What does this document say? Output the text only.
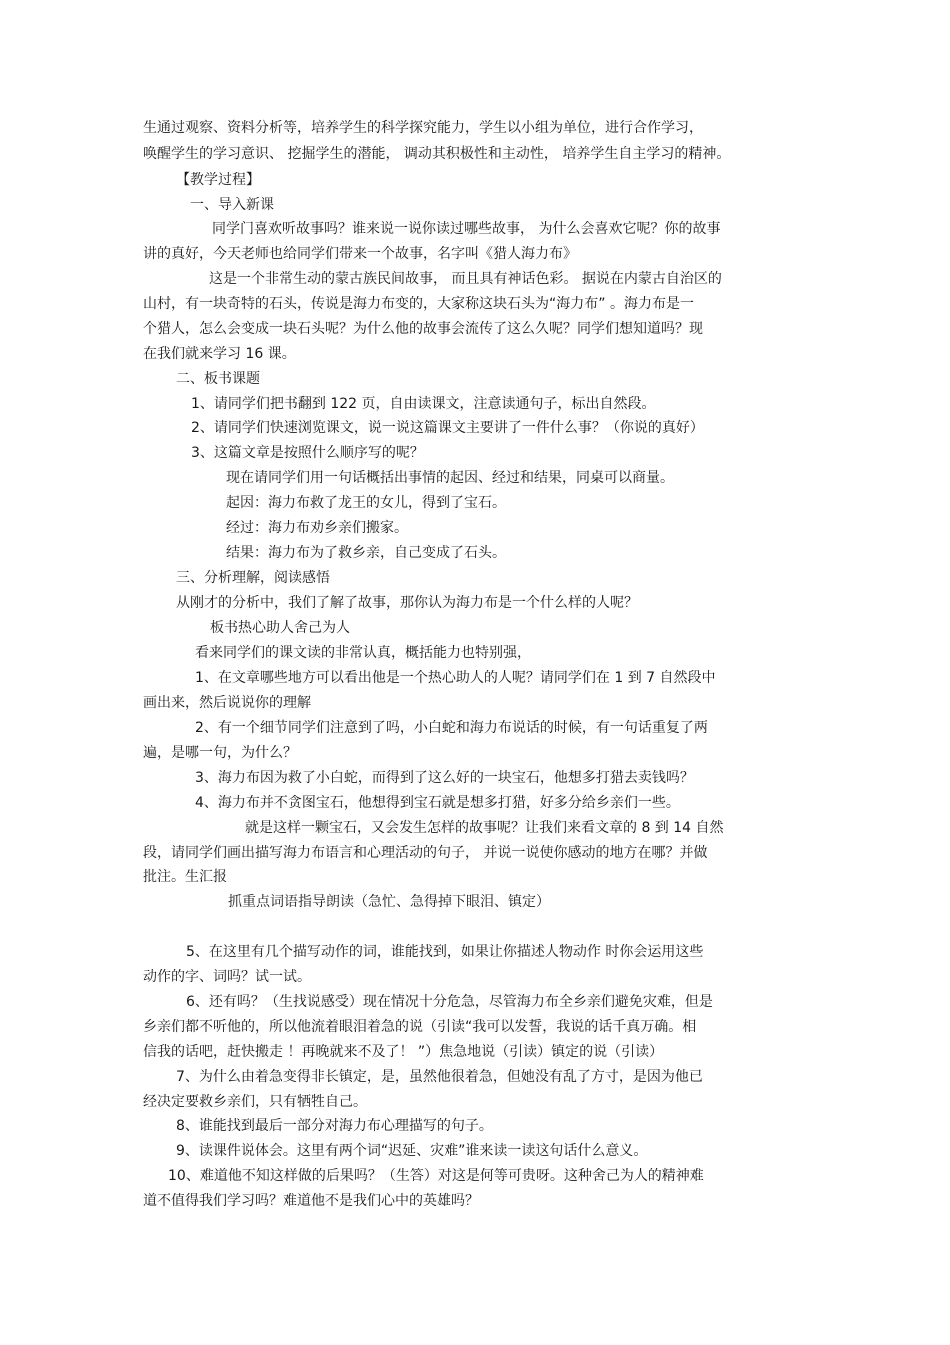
生通过观察、资料分析等，培养学生的科学探究能力，学生以小组为单位，进行合作学习，
唤醒学生的学习意识、 挖掘学生的潜能， 调动其积极性和主动性， 培养学生自主学习的精神。
【教学过程】
一、导入新课
同学门喜欢听故事吗？谁来说一说你读过哪些故事， 为什么会喜欢它呢？你的故事
讲的真好，今天老师也给同学们带来一个故事，名字叫《猎人海力布》
这是一个非常生动的蒙古族民间故事， 而且具有神话色彩。 据说在内蒙古自治区的
山村，有一块奇特的石头，传说是海力布变的，大家称这块石头为“海力布” 。海力布是一
个猎人，怎么会变成一块石头呢？为什么他的故事会流传了这么久呢？同学们想知道吗？现
在我们就来学习 16 课。
二、板书课题
1、请同学们把书翻到 122 页，自由读课文，注意读通句子，标出自然段。
2、请同学们快速浏览课文，说一说这篇课文主要讲了一件什么事？（你说的真好）
3、这篇文章是按照什么顺序写的呢？
现在请同学们用一句话概括出事情的起因、经过和结果，同桌可以商量。
起因：海力布救了龙王的女儿，得到了宝石。
经过：海力布劝乡亲们搬家。
结果：海力布为了救乡亲，自己变成了石头。
三、分析理解，阅读感悟
从刚才的分析中，我们了解了故事，那你认为海力布是一个什么样的人呢？
板书热心助人舍己为人
看来同学们的课文读的非常认真，概括能力也特别强，
1、在文章哪些地方可以看出他是一个热心助人的人呢？请同学们在 1 到 7 自然段中
画出来，然后说说你的理解
2、有一个细节同学们注意到了吗，小白蛇和海力布说话的时候，有一句话重复了两
遍，是哪一句，为什么？
3、海力布因为救了小白蛇，而得到了这么好的一块宝石，他想多打猎去卖钱吗？
4、海力布并不贪图宝石，他想得到宝石就是想多打猎，好多分给乡亲们一些。
就是这样一颗宝石，又会发生怎样的故事呢？让我们来看文章的 8 到 14 自然
段，请同学们画出描写海力布语言和心理活动的句子， 并说一说使你感动的地方在哪？并做
批注。生汇报
抓重点词语指导朗读（急忙、急得掉下眼泪、镇定）
5、在这里有几个描写动作的词，谁能找到，如果让你描述人物动作 时你会运用这些
动作的字、词吗？试一试。
6、还有吗？（生找说感受）现在情况十分危急，尽管海力布全乡亲们避免灾难，但是
乡亲们都不听他的，所以他流着眼泪着急的说（引读“我可以发誓，我说的话千真万确。相
信我的话吧，赶快搬走 ！再晚就来不及了！ ”）焦急地说（引读）镇定的说（引读）
7、为什么由着急变得非长镇定，是，虽然他很着急，但她没有乱了方寸，是因为他已
经决定要救乡亲们，只有牺牲自己。
8、谁能找到最后一部分对海力布心理描写的句子。
9、读课件说体会。这里有两个词“迟延、灾难”谁来读一读这句话什么意义。
10、难道他不知这样做的后果吗？（生答）对这是何等可贵呀。这种舍己为人的精神难
道不值得我们学习吗？难道他不是我们心中的英雄吗？
